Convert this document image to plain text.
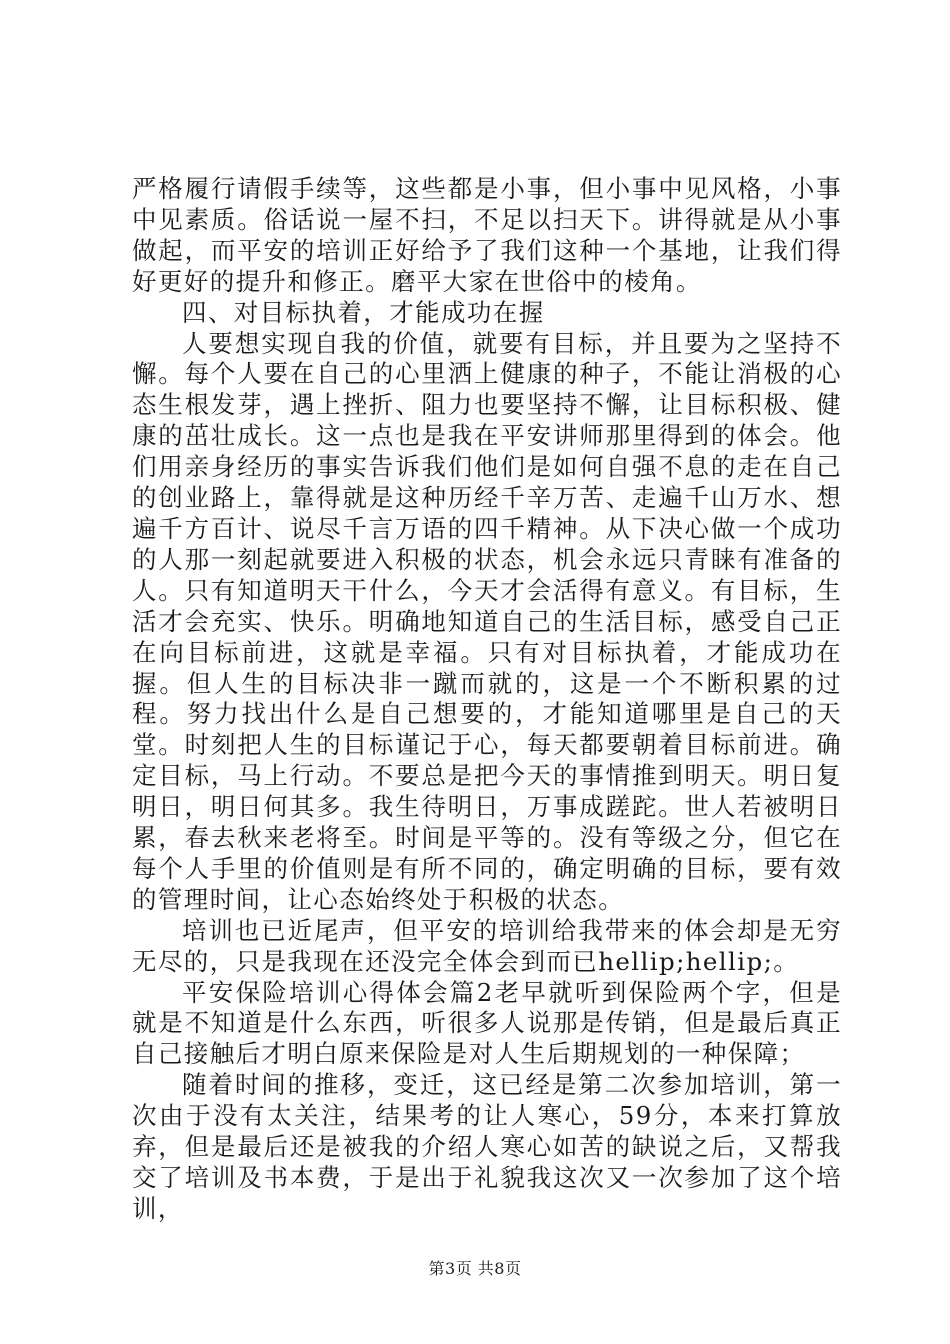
严格履行请假手续等，这些都是小事，但小事中见风格，小事中见素质。俗话说一屋不扫，不足以扫天下。讲得就是从小事做起，而平安的培训正好给予了我们这种一个基地，让我们得好更好的提升和修正。磨平大家在世俗中的棱角。

四、对目标执着，才能成功在握

人要想实现自我的价值，就要有目标，并且要为之坚持不懈。每个人要在自己的心里洒上健康的种子，不能让消极的心态生根发芽，遇上挫折、阻力也要坚持不懈，让目标积极、健康的茁壮成长。这一点也是我在平安讲师那里得到的体会。他们用亲身经历的事实告诉我们他们是如何自强不息的走在自己的创业路上，靠得就是这种历经千辛万苦、走遍千山万水、想遍千方百计、说尽千言万语的四千精神。从下决心做一个成功的人那一刻起就要进入积极的状态，机会永远只青睐有准备的人。只有知道明天干什么，今天才会活得有意义。有目标，生活才会充实、快乐。明确地知道自己的生活目标，感受自己正在向目标前进，这就是幸福。只有对目标执着，才能成功在握。但人生的目标决非一蹴而就的，这是一个不断积累的过程。努力找出什么是自己想要的，才能知道哪里是自己的天堂。时刻把人生的目标谨记于心，每天都要朝着目标前进。确定目标，马上行动。不要总是把今天的事情推到明天。明日复明日，明日何其多。我生待明日，万事成蹉跎。世人若被明日累，春去秋来老将至。时间是平等的。没有等级之分，但它在每个人手里的价值则是有所不同的，确定明确的目标，要有效的管理时间，让心态始终处于积极的状态。

培训也已近尾声，但平安的培训给我带来的体会却是无穷无尽的，只是我现在还没完全体会到而已hellip;hellip;。

平安保险培训心得体会篇2老早就听到保险两个字，但是就是不知道是什么东西，听很多人说那是传销，但是最后真正自己接触后才明白原来保险是对人生后期规划的一种保障；

随着时间的推移，变迁，这已经是第二次参加培训，第一次由于没有太关注，结果考的让人寒心，59分，本来打算放弃，但是最后还是被我的介绍人寒心如苦的缺说之后，又帮我交了培训及书本费，于是出于礼貌我这次又一次参加了这个培训，

第3页 共8页
